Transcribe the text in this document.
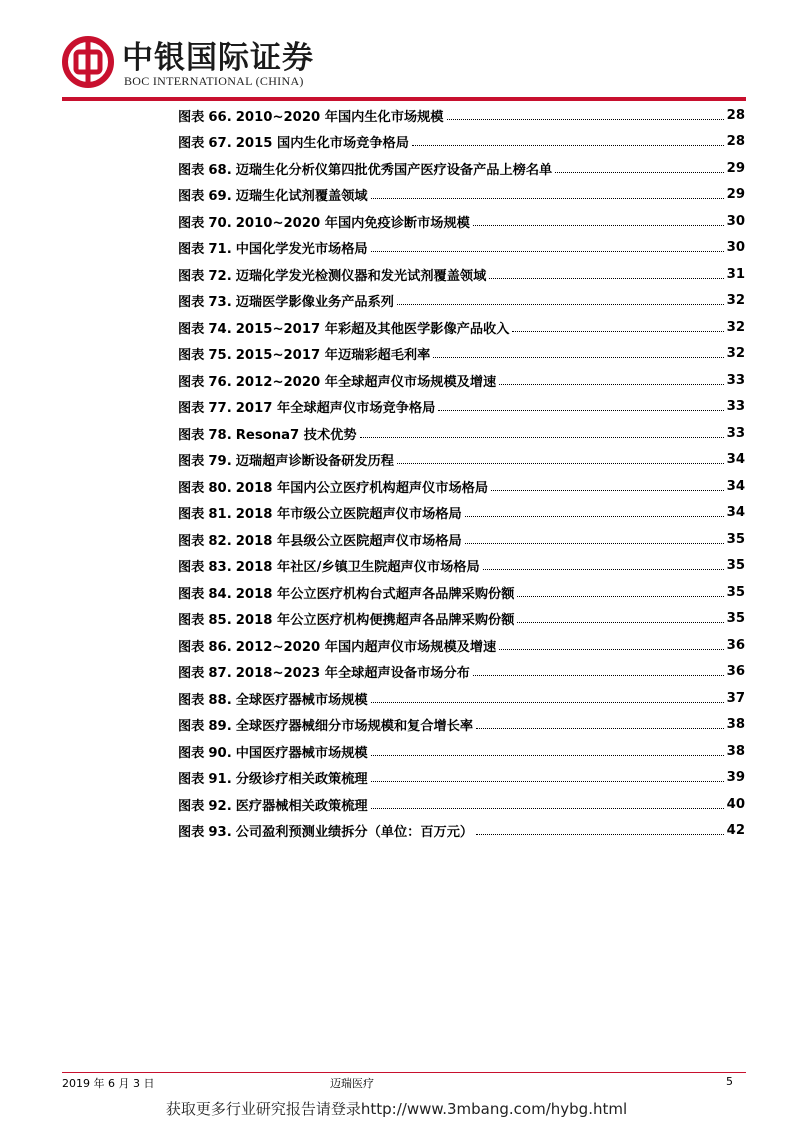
中银国际证券
BOC INTERNATIONAL (CHINA)
图表 66. 2010~2020 年国内生化市场规模	28
图表 67. 2015 国内生化市场竞争格局	28
图表 68. 迈瑞生化分析仪第四批优秀国产医疗设备产品上榜名单	29
图表 69. 迈瑞生化试剂覆盖领域	29
图表 70. 2010~2020 年国内免疫诊断市场规模	30
图表 71. 中国化学发光市场格局	30
图表 72. 迈瑞化学发光检测仪器和发光试剂覆盖领域	31
图表 73. 迈瑞医学影像业务产品系列	32
图表 74. 2015~2017 年彩超及其他医学影像产品收入	32
图表 75. 2015~2017 年迈瑞彩超毛利率	32
图表 76. 2012~2020 年全球超声仪市场规模及增速	33
图表 77. 2017 年全球超声仪市场竞争格局	33
图表 78. Resona7 技术优势	33
图表 79. 迈瑞超声诊断设备研发历程	34
图表 80. 2018 年国内公立医疗机构超声仪市场格局	34
图表 81. 2018 年市级公立医院超声仪市场格局	34
图表 82. 2018 年县级公立医院超声仪市场格局	35
图表 83. 2018 年社区/乡镇卫生院超声仪市场格局	35
图表 84. 2018 年公立医疗机构台式超声各品牌采购份额	35
图表 85. 2018 年公立医疗机构便携超声各品牌采购份额	35
图表 86. 2012~2020 年国内超声仪市场规模及增速	36
图表 87. 2018~2023 年全球超声设备市场分布	36
图表 88. 全球医疗器械市场规模	37
图表 89. 全球医疗器械细分市场规模和复合增长率	38
图表 90. 中国医疗器械市场规模	38
图表 91. 分级诊疗相关政策梳理	39
图表 92. 医疗器械相关政策梳理	40
图表 93. 公司盈利预测业绩拆分（单位：百万元）	42
2019 年 6 月 3 日	迈瑞医疗	5
获取更多行业研究报告请登录http://www.3mbang.com/hybg.html
